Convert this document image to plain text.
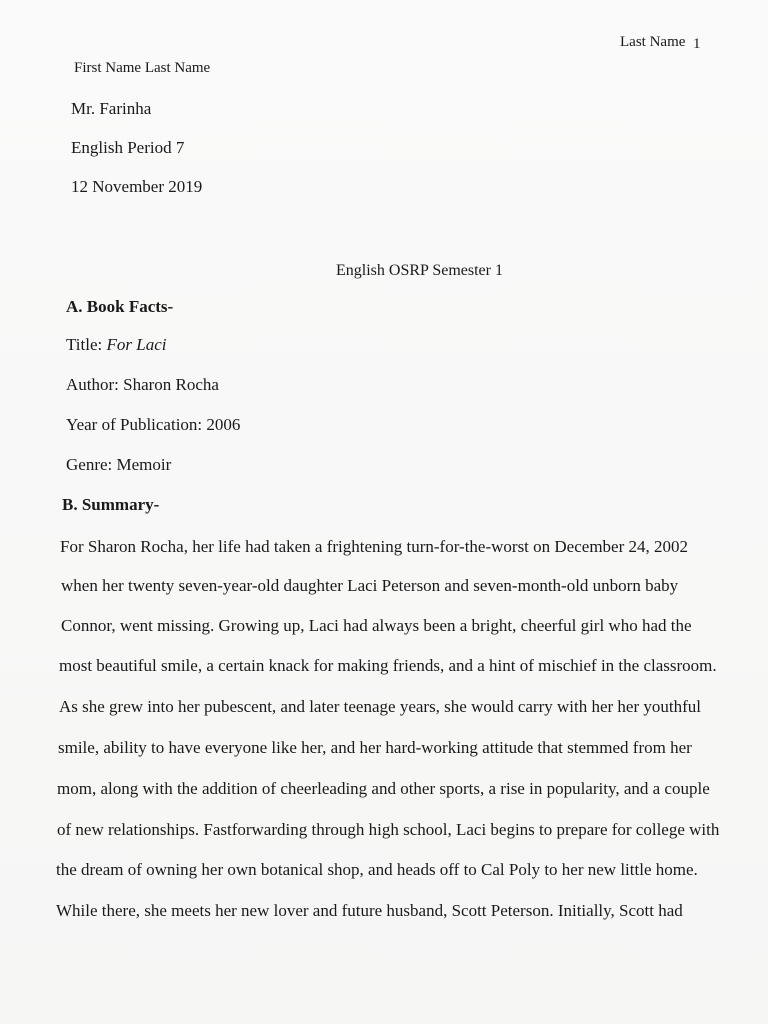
Last Name 1
First Name Last Name
Mr. Farinha
English Period 7
12 November 2019
English OSRP Semester 1
A. Book Facts-
Title: For Laci
Author: Sharon Rocha
Year of Publication: 2006
Genre: Memoir
B. Summary-
For Sharon Rocha, her life had taken a frightening turn-for-the-worst on December 24, 2002
when her twenty seven-year-old daughter Laci Peterson and seven-month-old unborn baby
Connor, went missing. Growing up, Laci had always been a bright, cheerful girl who had the
most beautiful smile, a certain knack for making friends, and a hint of mischief in the classroom.
As she grew into her pubescent, and later teenage years, she would carry with her her youthful
smile, ability to have everyone like her, and her hard-working attitude that stemmed from her
mom, along with the addition of cheerleading and other sports, a rise in popularity, and a couple
of new relationships. Fastforwarding through high school, Laci begins to prepare for college with
the dream of owning her own botanical shop, and heads off to Cal Poly to her new little home.
While there, she meets her new lover and future husband, Scott Peterson. Initially, Scott had
